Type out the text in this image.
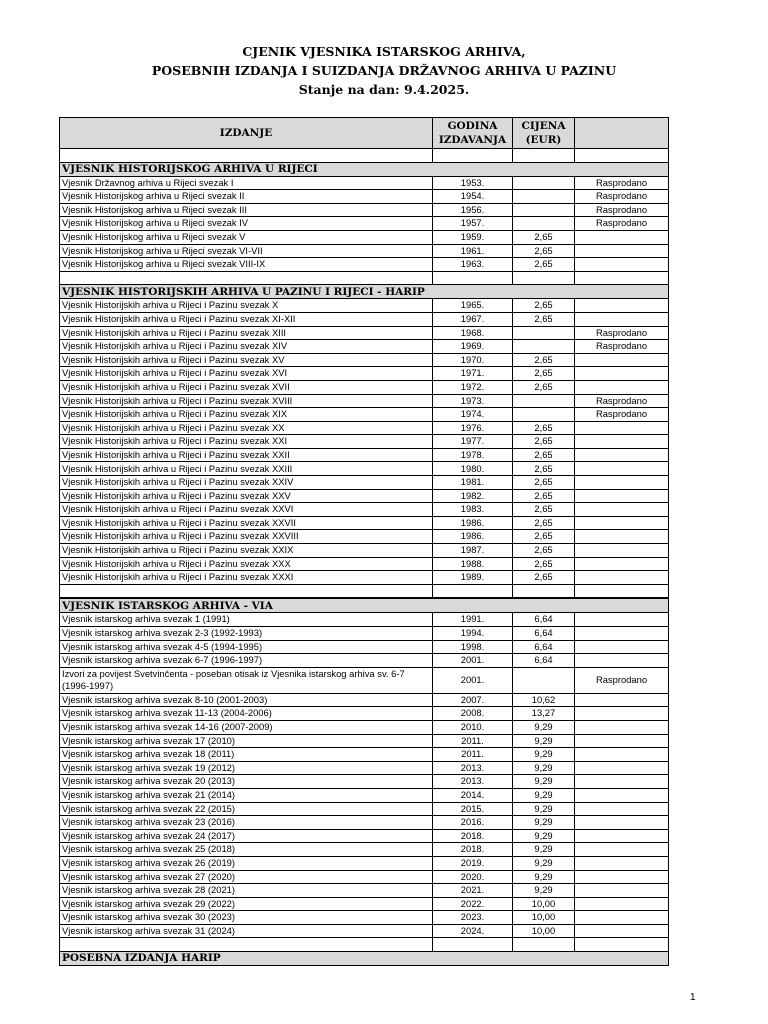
CJENIK VJESNIKA ISTARSKOG ARHIVA,
POSEBNIH IZDANJA I SUIZDANJA DRŽAVNOG ARHIVA U PAZINU
Stanje na dan: 9.4.2025.
IZDANJE	GODINA IZDAVANJA	CIJENA (EUR)	

VJESNIK HISTORIJSKOG ARHIVA U RIJECI			
Vjesnik Državnog arhiva u Rijeci svezak I	1953.		Rasprodano
Vjesnik Historijskog arhiva u Rijeci svezak II	1954.		Rasprodano
Vjesnik Historijskog arhiva u Rijeci svezak III	1956.		Rasprodano
Vjesnik Historijskog arhiva u Rijeci svezak IV	1957.		Rasprodano
Vjesnik Historijskog arhiva u Rijeci svezak V	1959.	2,65	
Vjesnik Historijskog arhiva u Rijeci svezak VI-VII	1961.	2,65	
Vjesnik Historijskog arhiva u Rijeci svezak VIII-IX	1963.	2,65	

VJESNIK HISTORIJSKIH ARHIVA U PAZINU I RIJECI - HARIP			
Vjesnik Historijskih arhiva u Rijeci i Pazinu svezak X	1965.	2,65	
Vjesnik Historijskih arhiva u Rijeci i Pazinu svezak XI-XII	1967.	2,65	
Vjesnik Historijskih arhiva u Rijeci i Pazinu svezak XIII	1968.		Rasprodano
Vjesnik Historijskih arhiva u Rijeci i Pazinu svezak XIV	1969.		Rasprodano
Vjesnik Historijskih arhiva u Rijeci i Pazinu svezak XV	1970.	2,65	
Vjesnik Historijskih arhiva u Rijeci i Pazinu svezak XVI	1971.	2,65	
Vjesnik Historijskih arhiva u Rijeci i Pazinu svezak XVII	1972.	2,65	
Vjesnik Historijskih arhiva u Rijeci i Pazinu svezak XVIII	1973.		Rasprodano
Vjesnik Historijskih arhiva u Rijeci i Pazinu svezak XIX	1974.		Rasprodano
Vjesnik Historijskih arhiva u Rijeci i Pazinu svezak XX	1976.	2,65	
Vjesnik Historijskih arhiva u Rijeci i Pazinu svezak XXI	1977.	2,65	
Vjesnik Historijskih arhiva u Rijeci i Pazinu svezak XXII	1978.	2,65	
Vjesnik Historijskih arhiva u Rijeci i Pazinu svezak XXIII	1980.	2,65	
Vjesnik Historijskih arhiva u Rijeci i Pazinu svezak XXIV	1981.	2,65	
Vjesnik Historijskih arhiva u Rijeci i Pazinu svezak XXV	1982.	2,65	
Vjesnik Historijskih arhiva u Rijeci i Pazinu svezak XXVI	1983.	2,65	
Vjesnik Historijskih arhiva u Rijeci i Pazinu svezak XXVII	1986.	2,65	
Vjesnik Historijskih arhiva u Rijeci i Pazinu svezak XXVIII	1986.	2,65	
Vjesnik Historijskih arhiva u Rijeci i Pazinu svezak XXIX	1987.	2,65	
Vjesnik Historijskih arhiva u Rijeci i Pazinu svezak XXX	1988.	2,65	
Vjesnik Historijskih arhiva u Rijeci i Pazinu svezak XXXI	1989.	2,65	

VJESNIK ISTARSKOG ARHIVA - VIA			
Vjesnik istarskog arhiva svezak 1 (1991)	1991.	6,64	
Vjesnik istarskog arhiva svezak 2-3 (1992-1993)	1994.	6,64	
Vjesnik istarskog arhiva svezak 4-5 (1994-1995)	1998.	6,64	
Vjesnik istarskog arhiva svezak 6-7 (1996-1997)	2001.	6,64	
Izvori za povijest Svetvinčenta - poseban otisak iz Vjesnika istarskog arhiva sv. 6-7 (1996-1997)	2001.		Rasprodano
Vjesnik istarskog arhiva svezak 8-10 (2001-2003)	2007.	10,62	
Vjesnik istarskog arhiva svezak 11-13 (2004-2006)	2008.	13,27	
Vjesnik istarskog arhiva svezak 14-16 (2007-2009)	2010.	9,29	
Vjesnik istarskog arhiva svezak 17 (2010)	2011.	9,29	
Vjesnik istarskog arhiva svezak 18 (2011)	2011.	9,29	
Vjesnik istarskog arhiva svezak 19 (2012)	2013.	9,29	
Vjesnik istarskog arhiva svezak 20 (2013)	2013.	9,29	
Vjesnik istarskog arhiva svezak 21 (2014)	2014.	9,29	
Vjesnik istarskog arhiva svezak 22 (2015)	2015.	9,29	
Vjesnik istarskog arhiva svezak 23 (2016)	2016.	9,29	
Vjesnik istarskog arhiva svezak 24 (2017)	2018.	9,29	
Vjesnik istarskog arhiva svezak 25 (2018)	2018.	9,29	
Vjesnik istarskog arhiva svezak 26 (2019)	2019.	9,29	
Vjesnik istarskog arhiva svezak 27 (2020)	2020.	9,29	
Vjesnik istarskog arhiva svezak 28 (2021)	2021.	9,29	
Vjesnik istarskog arhiva svezak 29 (2022)	2022.	10,00	
Vjesnik istarskog arhiva svezak 30 (2023)	2023.	10,00	
Vjesnik istarskog arhiva svezak 31 (2024)	2024.	10,00	

POSEBNA IZDANJA HARIP			
1
